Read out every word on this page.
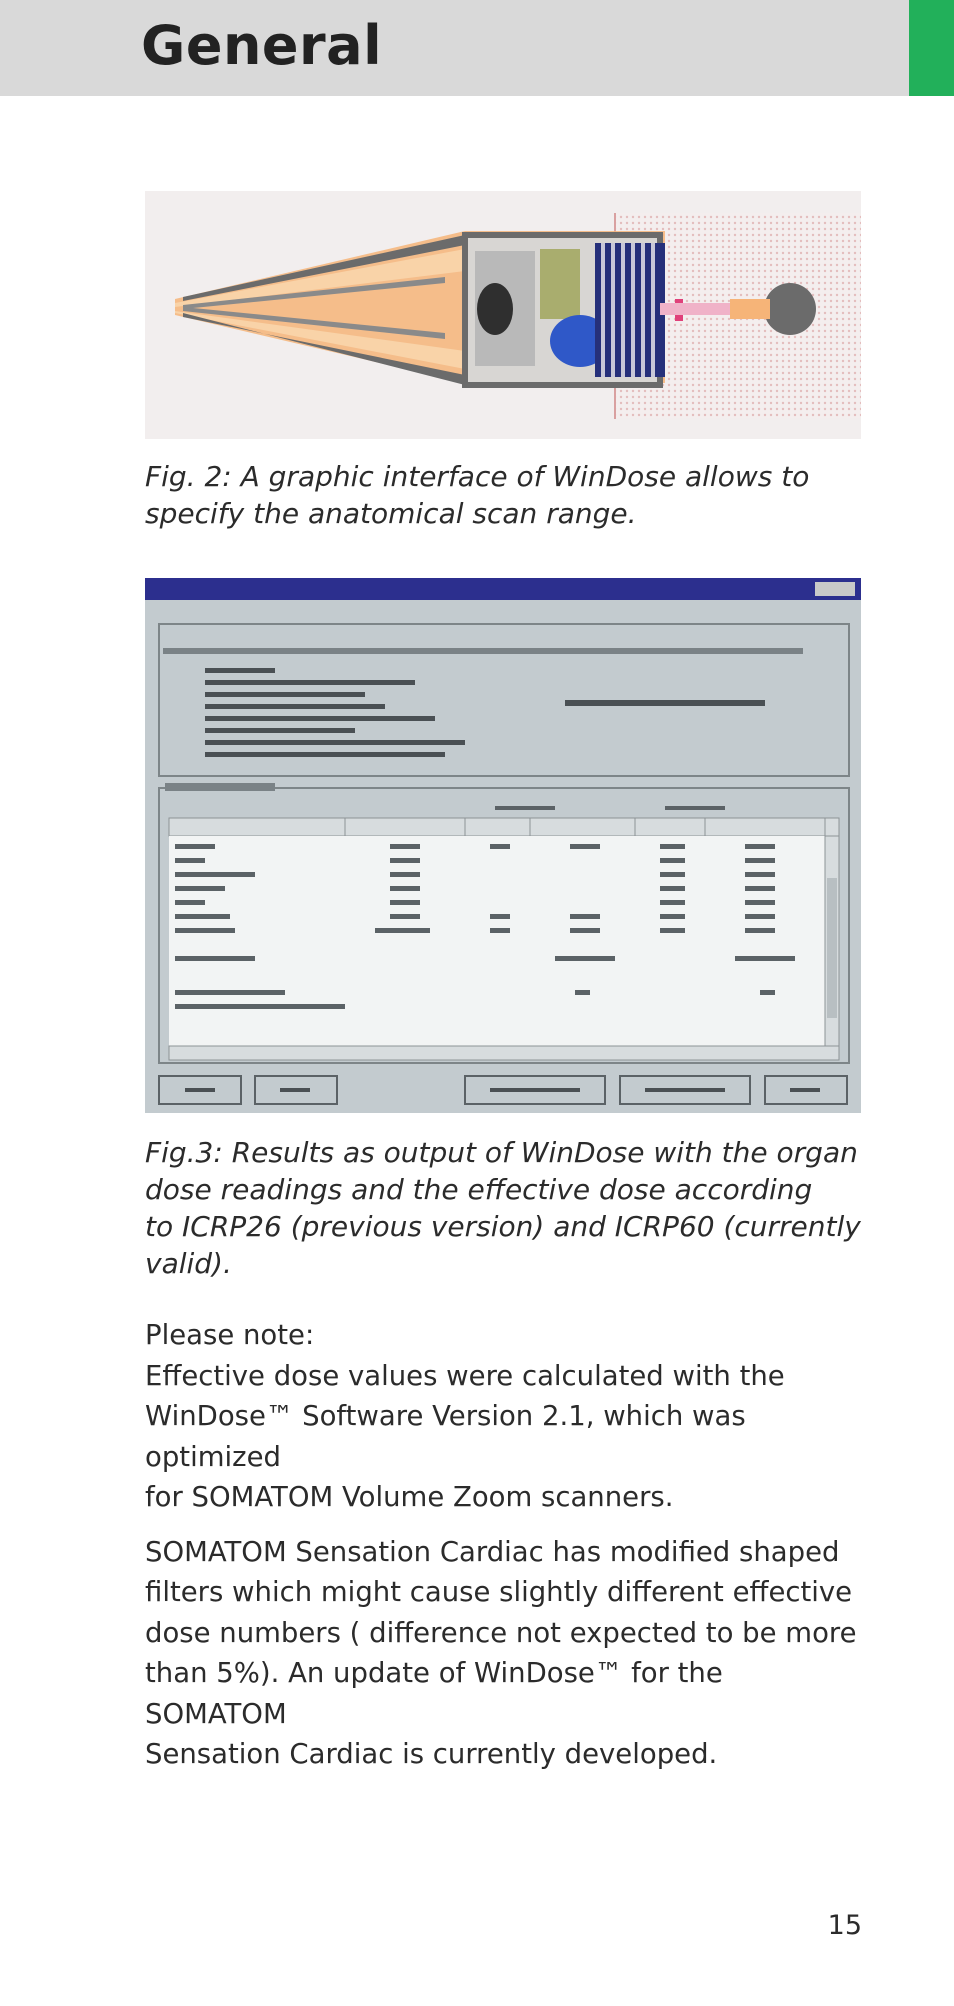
General
Fig. 2: A graphic interface of WinDose allows to
specify the anatomical scan range.
Fig.3: Results as output of WinDose with the organ
dose readings and the effective dose according
to ICRP26 (previous version) and ICRP60 (currently
valid).
Please note:
Effective dose values were calculated with the
WinDose™ Software Version 2.1, which was optimized
for SOMATOM Volume Zoom scanners.
SOMATOM Sensation Cardiac has modified shaped
filters which might cause slightly different effective
dose numbers ( difference not expected to be more
than 5%). An update of WinDose™ for the SOMATOM
Sensation Cardiac is currently developed.
15
